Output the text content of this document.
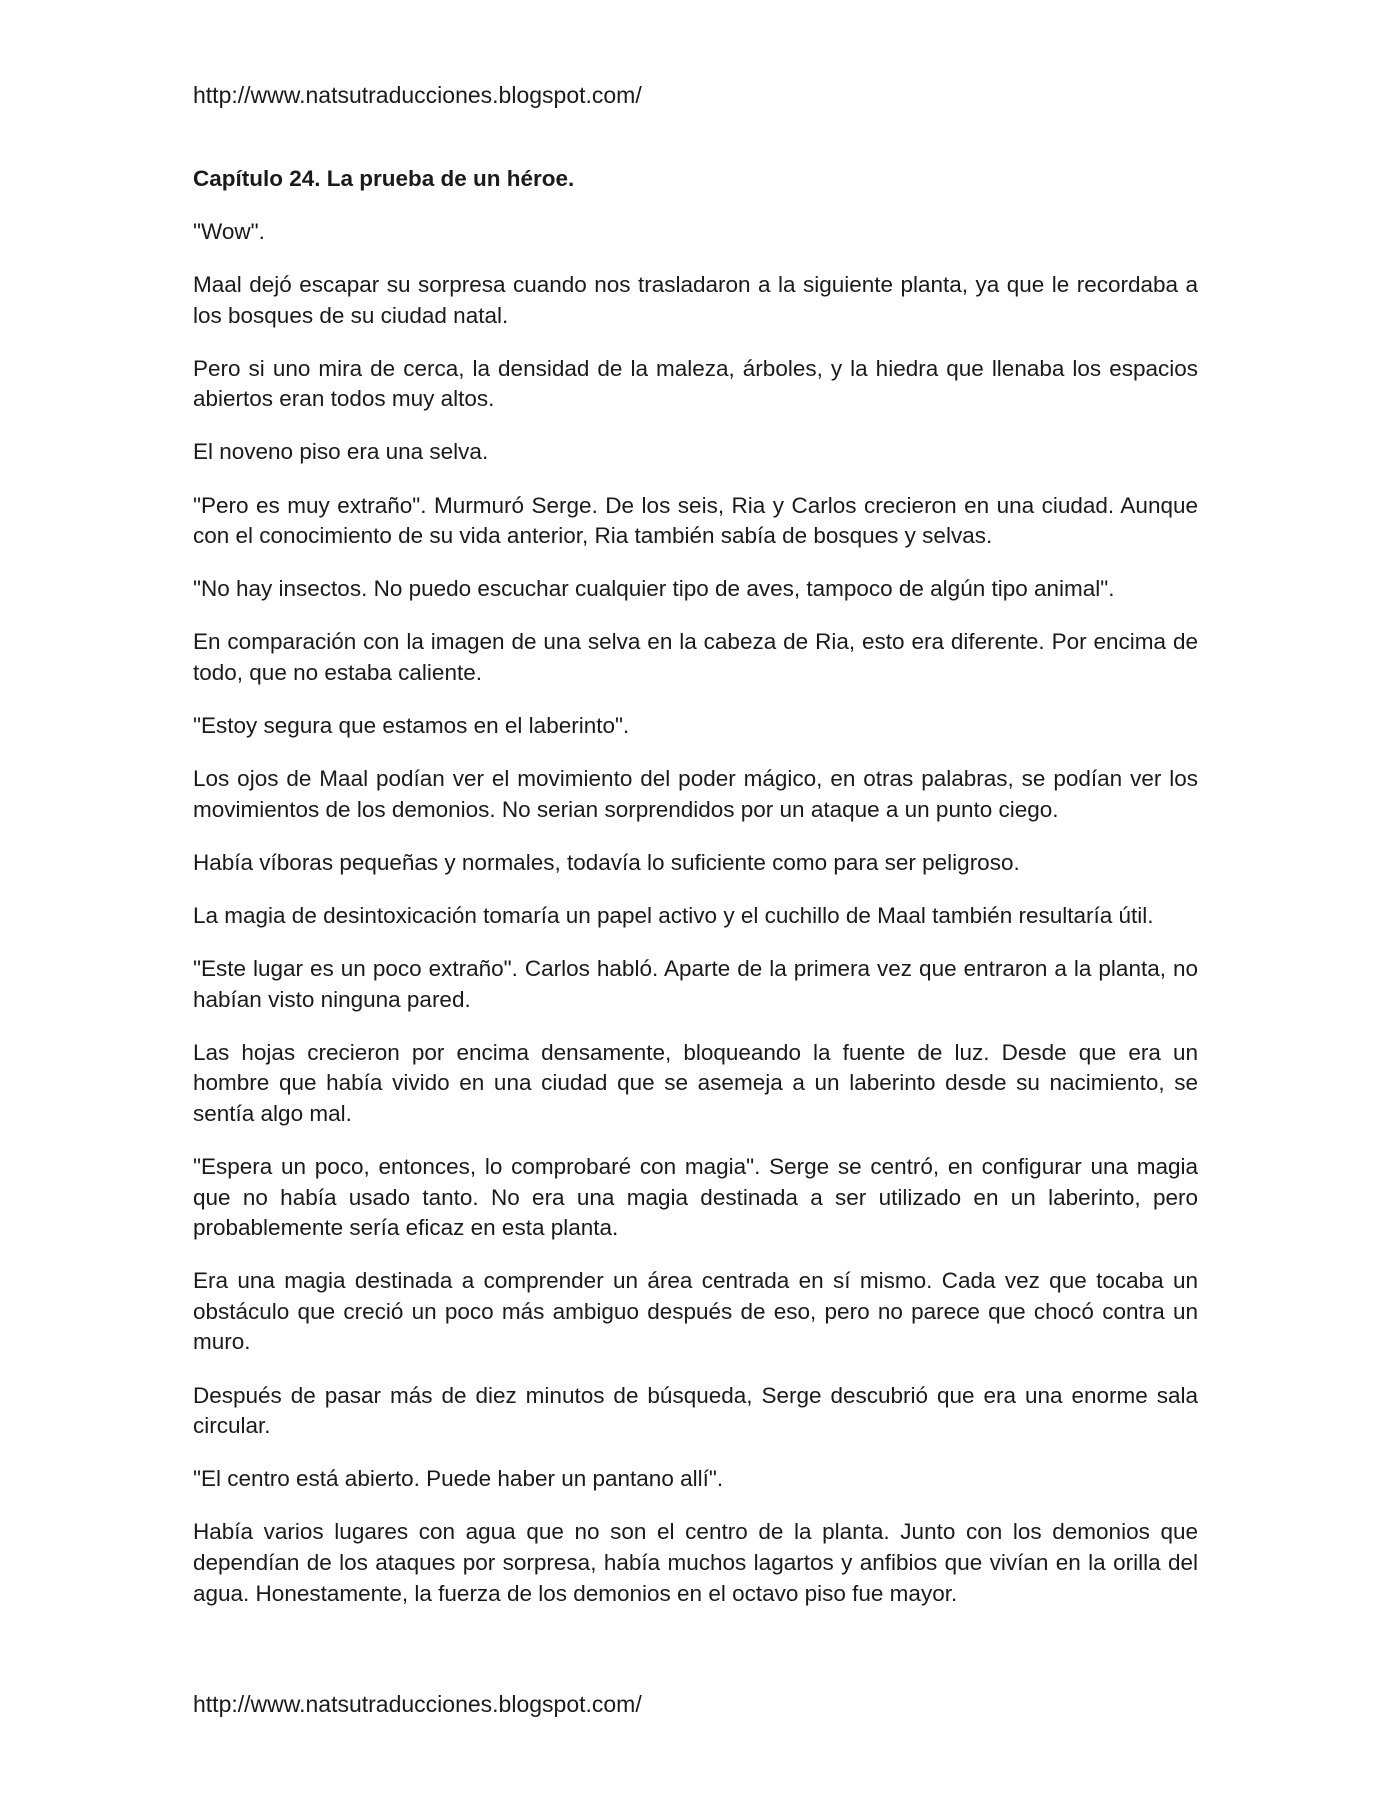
http://www.natsutraducciones.blogspot.com/
Capítulo 24. La prueba de un héroe.

"Wow".

Maal dejó escapar su sorpresa cuando nos trasladaron a la siguiente planta, ya que le recordaba a los bosques de su ciudad natal.

Pero si uno mira de cerca, la densidad de la maleza, árboles, y la hiedra que llenaba los espacios abiertos eran todos muy altos.

El noveno piso era una selva.

"Pero es muy extraño". Murmuró Serge. De los seis, Ria y Carlos crecieron en una ciudad. Aunque con el conocimiento de su vida anterior, Ria también sabía de bosques y selvas.

"No hay insectos. No puedo escuchar cualquier tipo de aves, tampoco de algún tipo animal".

En comparación con la imagen de una selva en la cabeza de Ria, esto era diferente. Por encima de todo, que no estaba caliente.

"Estoy segura que estamos en el laberinto".

Los ojos de Maal podían ver el movimiento del poder mágico, en otras palabras, se podían ver los movimientos de los demonios. No serian sorprendidos por un ataque a un punto ciego.

Había víboras pequeñas y normales, todavía lo suficiente como para ser peligroso.

La magia de desintoxicación tomaría un papel activo y el cuchillo de Maal también resultaría útil.

"Este lugar es un poco extraño". Carlos habló. Aparte de la primera vez que entraron a la planta, no habían visto ninguna pared.

Las hojas crecieron por encima densamente, bloqueando la fuente de luz. Desde que era un hombre que había vivido en una ciudad que se asemeja a un laberinto desde su nacimiento, se sentía algo mal.

"Espera un poco, entonces, lo comprobaré con magia". Serge se centró, en configurar una magia que no había usado tanto. No era una magia destinada a ser utilizado en un laberinto, pero probablemente sería eficaz en esta planta.

Era una magia destinada a comprender un área centrada en sí mismo. Cada vez que tocaba un obstáculo que creció un poco más ambiguo después de eso, pero no parece que chocó contra un muro.

Después de pasar más de diez minutos de búsqueda, Serge descubrió que era una enorme sala circular.

"El centro está abierto. Puede haber un pantano allí".

Había varios lugares con agua que no son el centro de la planta. Junto con los demonios que dependían de los ataques por sorpresa, había muchos lagartos y anfibios que vivían en la orilla del agua. Honestamente, la fuerza de los demonios en el octavo piso fue mayor.

http://www.natsutraducciones.blogspot.com/
